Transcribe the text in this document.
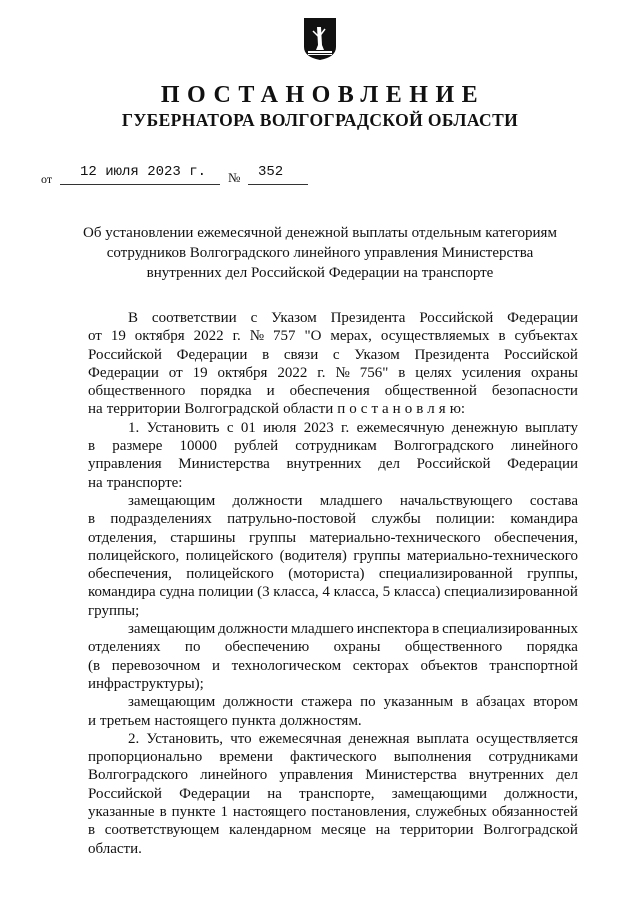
ПОСТАНОВЛЕНИЕ
ГУБЕРНАТОРА ВОЛГОГРАДСКОЙ ОБЛАСТИ
от 12 июля 2023 г. № 352
Об установлении ежемесячной денежной выплаты отдельным категориям
сотрудников Волгоградского линейного управления Министерства
внутренних дел Российской Федерации на транспорте
В соответствии с Указом Президента Российской Федерации
от 19 октября 2022 г. № 757 "О мерах, осуществляемых в субъектах
Российской Федерации в связи с Указом Президента Российской
Федерации от 19 октября 2022 г. № 756" в целях усиления охраны
общественного порядка и обеспечения общественной безопасности
на территории Волгоградской области п о с т а н о в л я ю:
1. Установить с 01 июля 2023 г. ежемесячную денежную выплату
в размере 10000 рублей сотрудникам Волгоградского линейного
управления Министерства внутренних дел Российской Федерации
на транспорте:
замещающим должности младшего начальствующего состава
в подразделениях патрульно-постовой службы полиции: командира
отделения, старшины группы материально-технического обеспечения,
полицейского, полицейского (водителя) группы материально-технического
обеспечения, полицейского (моториста) специализированной группы,
командира судна полиции (3 класса, 4 класса, 5 класса) специализированной
группы;
замещающим должности младшего инспектора в специализированных
отделениях по обеспечению охраны общественного порядка
(в перевозочном и технологическом секторах объектов транспортной
инфраструктуры);
замещающим должности стажера по указанным в абзацах втором
и третьем настоящего пункта должностям.
2. Установить, что ежемесячная денежная выплата осуществляется
пропорционально времени фактического выполнения сотрудниками
Волгоградского линейного управления Министерства внутренних дел
Российской Федерации на транспорте, замещающими должности,
указанные в пункте 1 настоящего постановления, служебных обязанностей
в соответствующем календарном месяце на территории Волгоградской
области.
